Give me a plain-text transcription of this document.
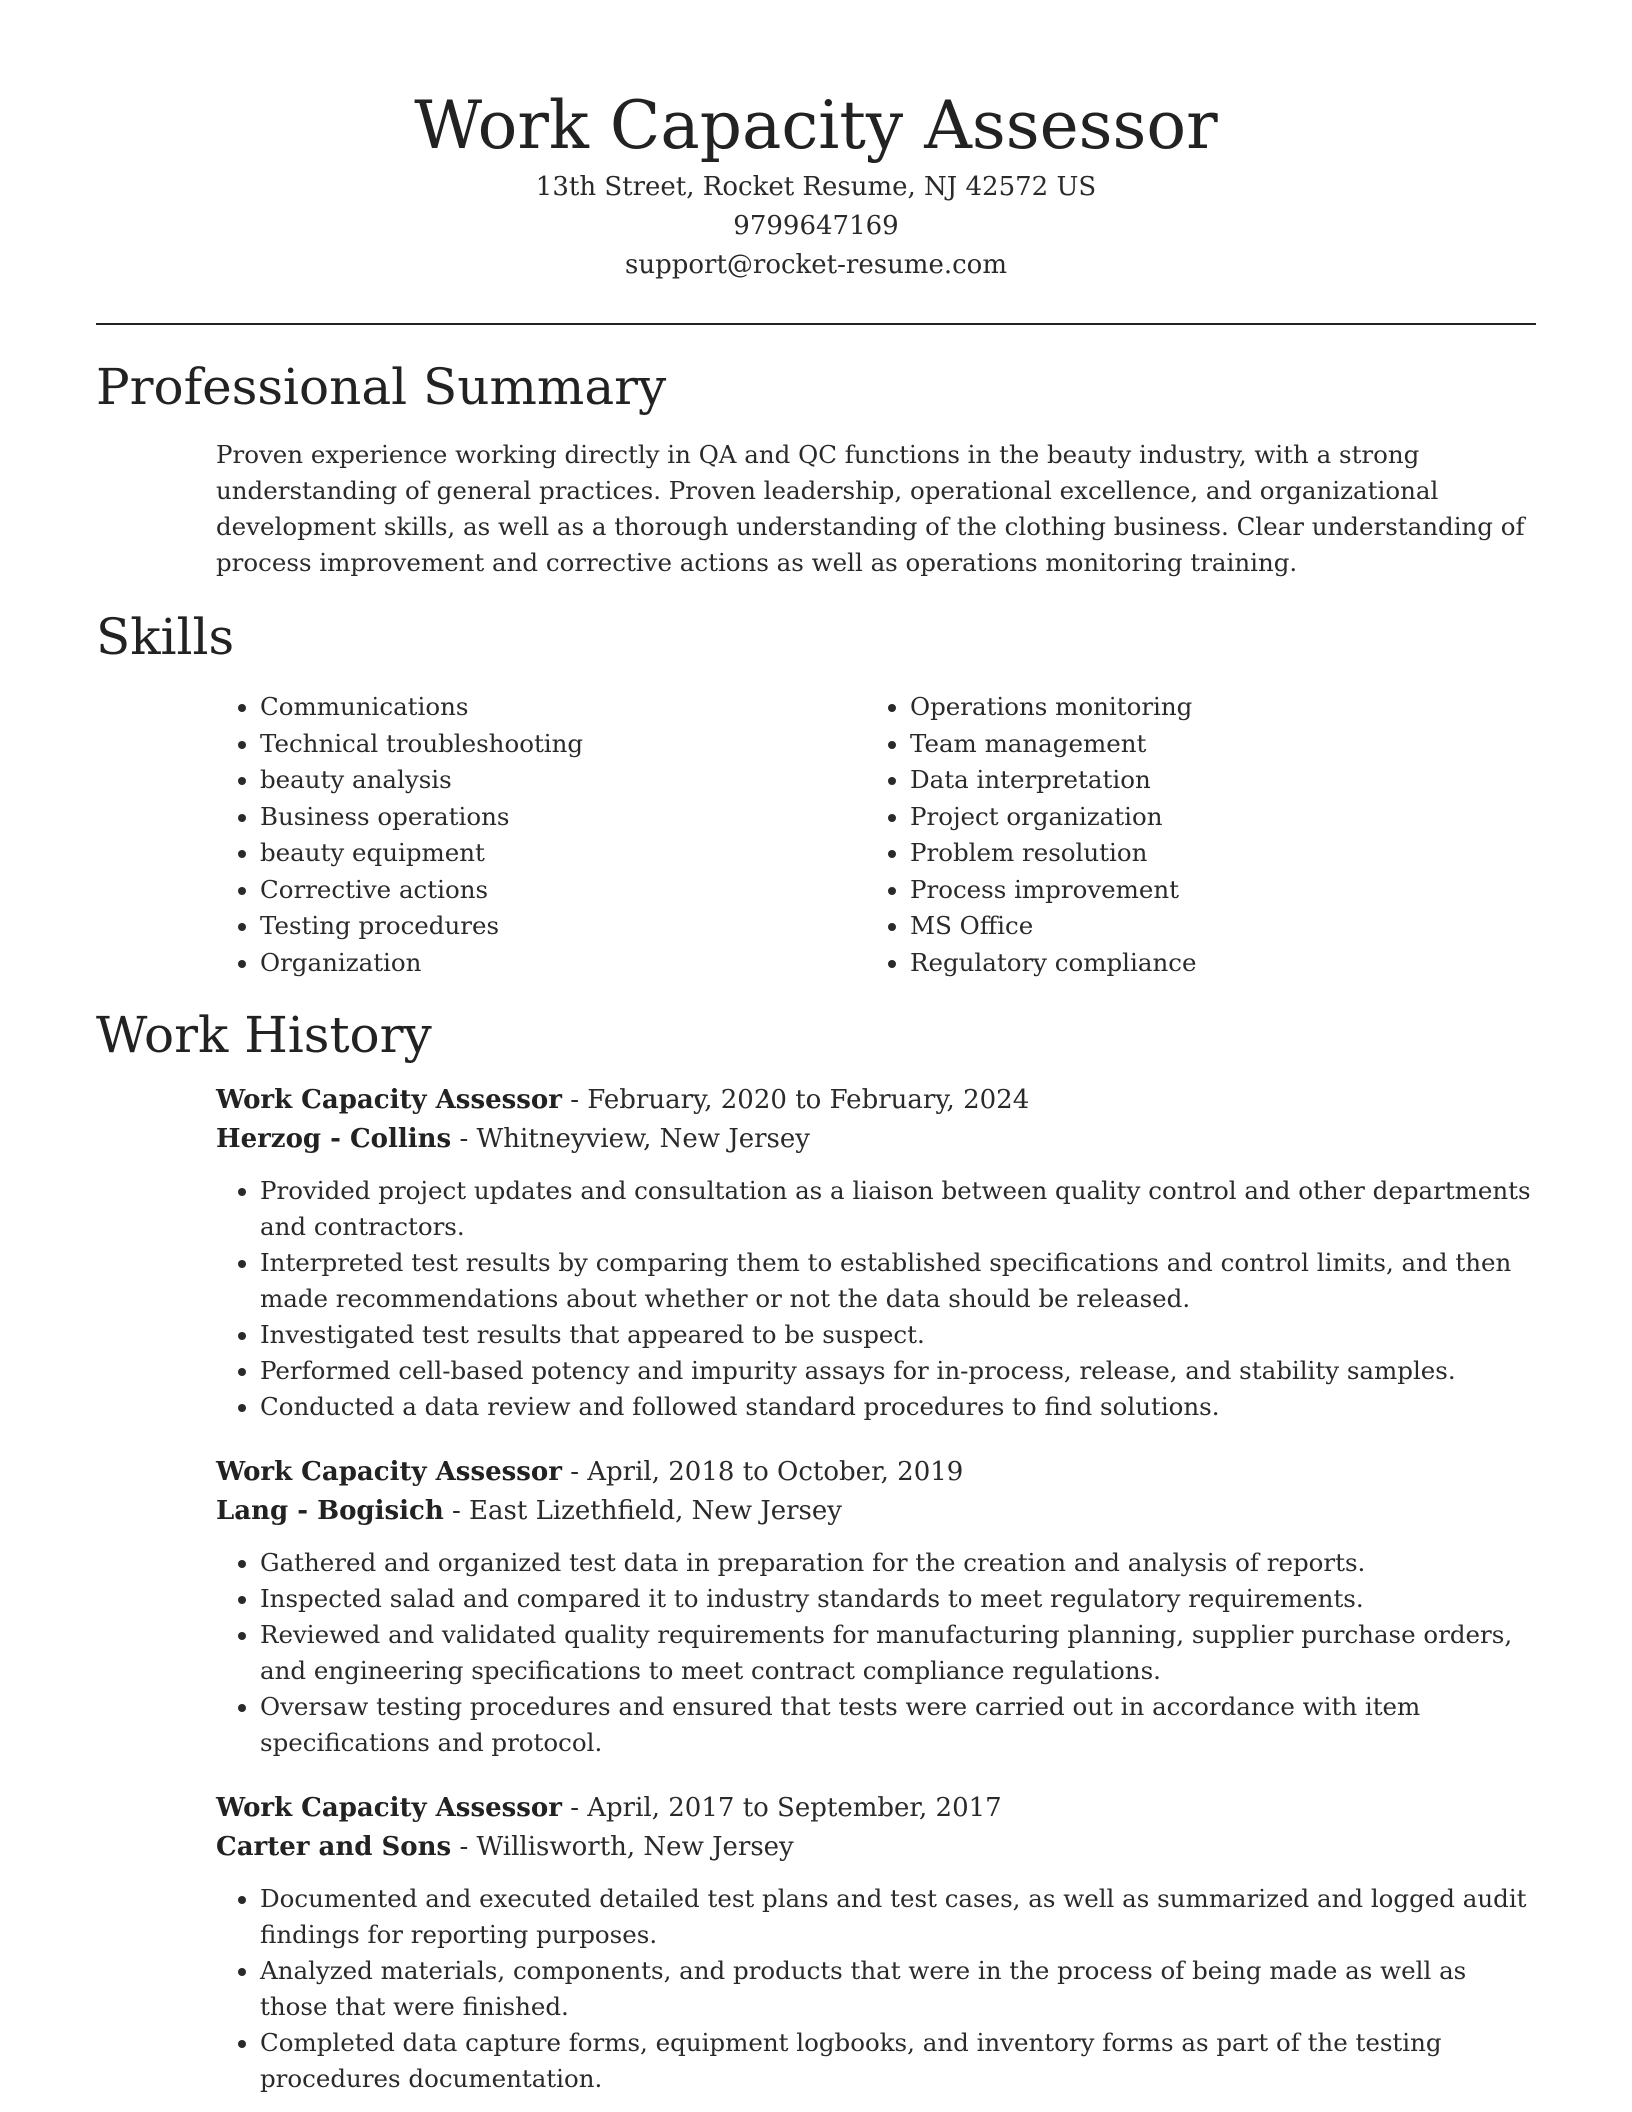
Work Capacity Assessor
13th Street, Rocket Resume, NJ 42572 US
9799647169
support@rocket-resume.com
Professional Summary

Proven experience working directly in QA and QC functions in the beauty industry, with a strong understanding of general practices. Proven leadership, operational excellence, and organizational development skills, as well as a thorough understanding of the clothing business. Clear understanding of process improvement and corrective actions as well as operations monitoring training.

Skills
• Communications
• Technical troubleshooting
• beauty analysis
• Business operations
• beauty equipment
• Corrective actions
• Testing procedures
• Organization
• Operations monitoring
• Team management
• Data interpretation
• Project organization
• Problem resolution
• Process improvement
• MS Office
• Regulatory compliance
Work History
Work Capacity Assessor - February, 2020 to February, 2024
Herzog - Collins - Whitneyview, New Jersey
• Provided project updates and consultation as a liaison between quality control and other departments and contractors.
• Interpreted test results by comparing them to established specifications and control limits, and then made recommendations about whether or not the data should be released.
• Investigated test results that appeared to be suspect.
• Performed cell-based potency and impurity assays for in-process, release, and stability samples.
• Conducted a data review and followed standard procedures to find solutions.
Work Capacity Assessor - April, 2018 to October, 2019
Lang - Bogisich - East Lizethfield, New Jersey
• Gathered and organized test data in preparation for the creation and analysis of reports.
• Inspected salad and compared it to industry standards to meet regulatory requirements.
• Reviewed and validated quality requirements for manufacturing planning, supplier purchase orders, and engineering specifications to meet contract compliance regulations.
• Oversaw testing procedures and ensured that tests were carried out in accordance with item specifications and protocol.
Work Capacity Assessor - April, 2017 to September, 2017
Carter and Sons - Willisworth, New Jersey
• Documented and executed detailed test plans and test cases, as well as summarized and logged audit findings for reporting purposes.
• Analyzed materials, components, and products that were in the process of being made as well as those that were finished.
• Completed data capture forms, equipment logbooks, and inventory forms as part of the testing procedures documentation.
